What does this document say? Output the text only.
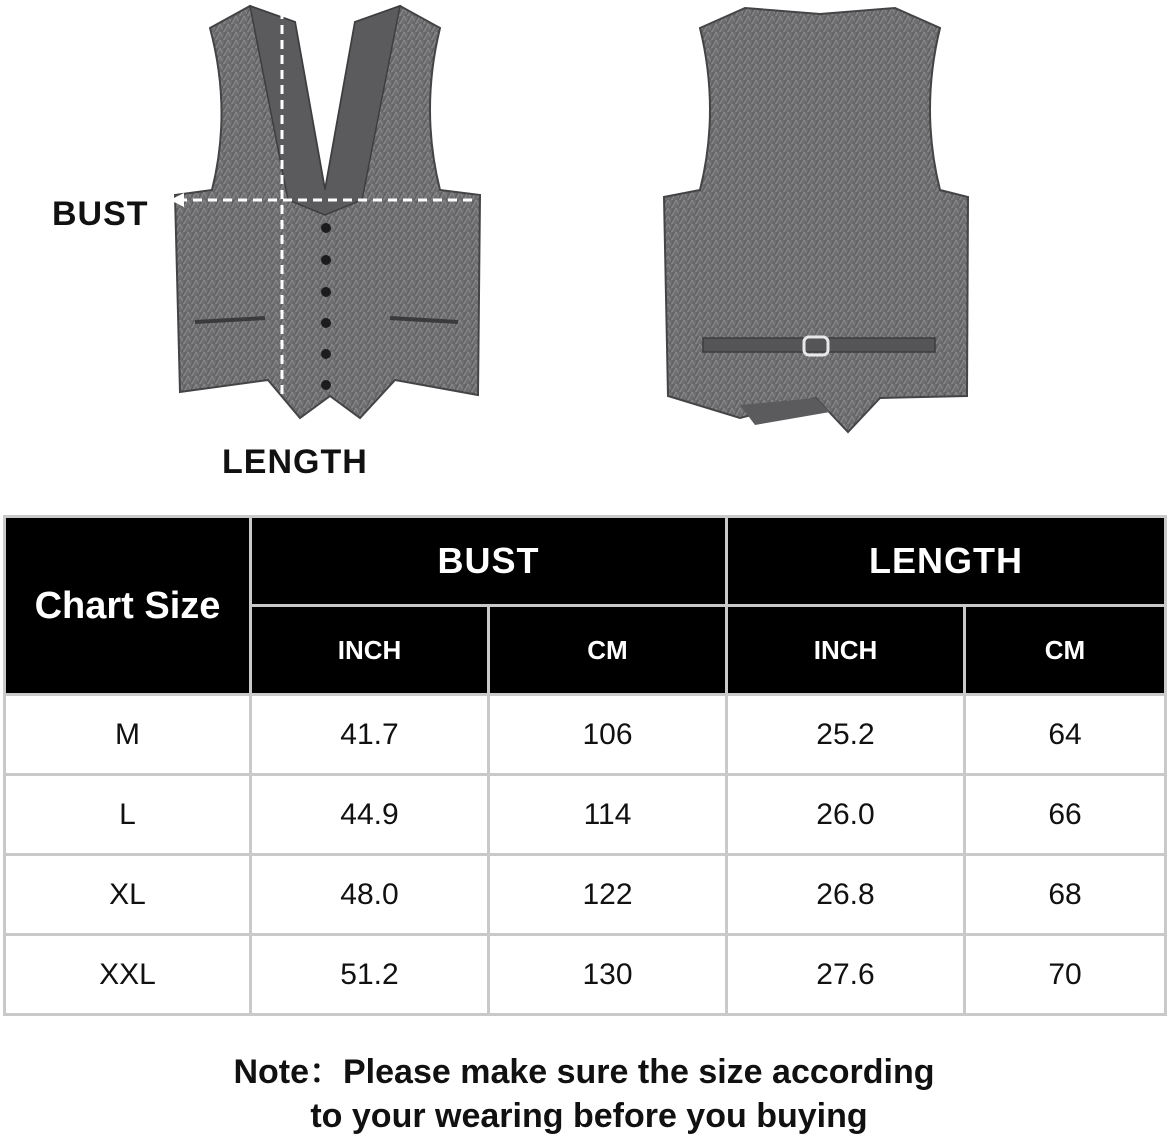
BUST
LENGTH
Chart Size	BUST		LENGTH	
	INCH	CM	INCH	CM
M	41.7	106	25.2	64
L	44.9	114	26.0	66
XL	48.0	122	26.8	68
XXL	51.2	130	27.6	70
Note：Please make sure the size according
to your wearing before you buying
